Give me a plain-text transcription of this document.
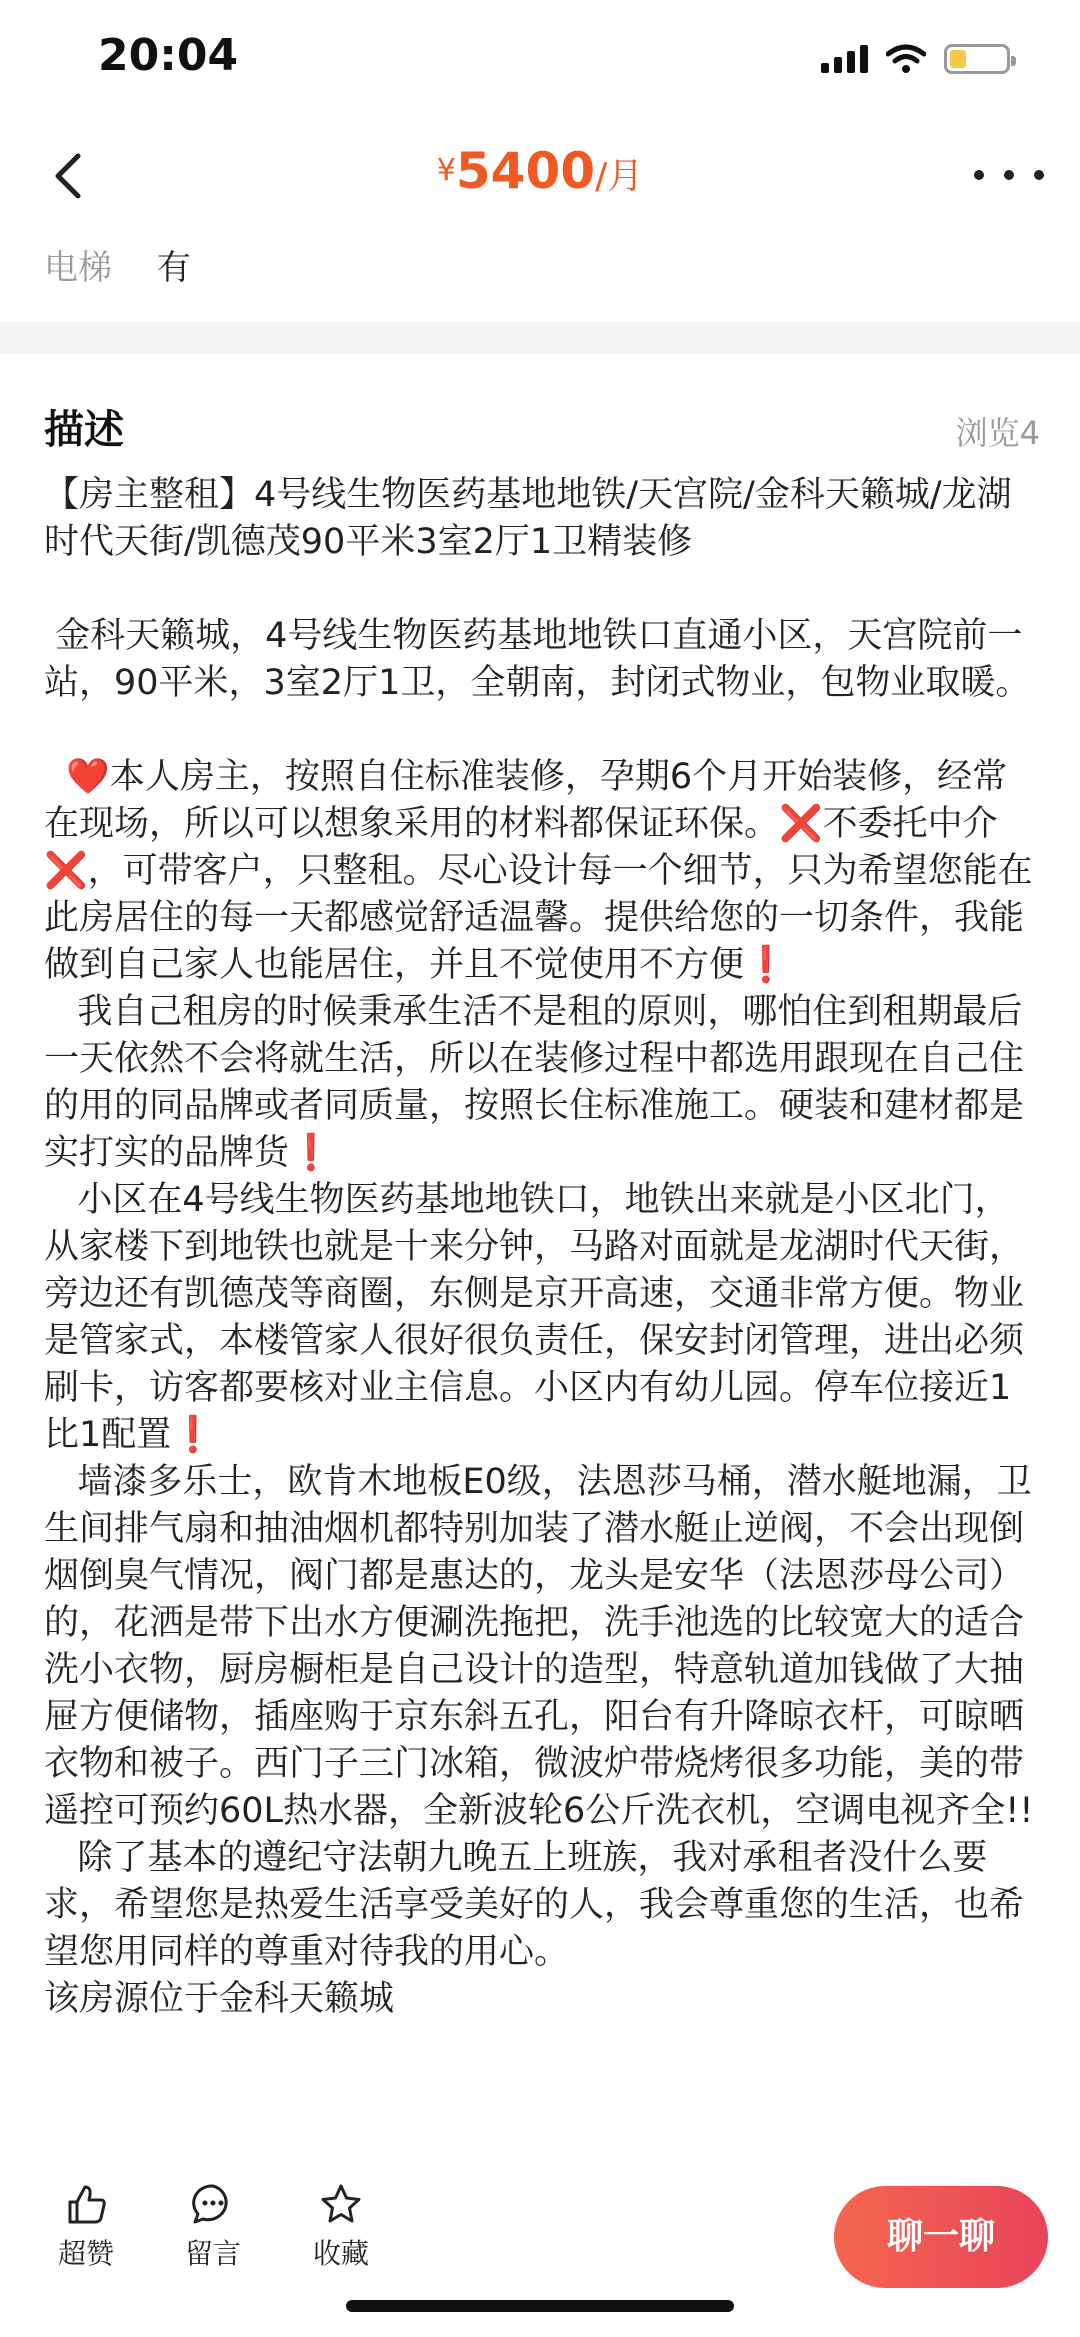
20:04
¥5400/月
电梯 有
描述	浏览4

【房主整租】4号线生物医药基地地铁/天宫院/金科天籁城/龙湖 时代天街/凯德茂90平米3室2厅1卫精装修

金科天籁城，4号线生物医药基地地铁口直通小区，天宫院前一站，90平米，3室2厅1卫，全朝南，封闭式物业，包物业取暖。

❤️本人房主，按照自住标准装修，孕期6个月开始装修，经常在现场，所以可以想象采用的材料都保证环保。❌不委托中介❌，可带客户，只整租。尽心设计每一个细节，只为希望您能在此房居住的每一天都感觉舒适温馨。提供给您的一切条件，我能做到自己家人也能居住，并且不觉使用不方便❗️

我自己租房的时候秉承生活不是租的原则，哪怕住到租期最后一天依然不会将就生活，所以在装修过程中都选用跟现在自己住的用的同品牌或者同质量，按照长住标准施工。硬装和建材都是实打实的品牌货❗️

小区在4号线生物医药基地地铁口，地铁出来就是小区北门，从家楼下到地铁也就是十来分钟，马路对面就是龙湖时代天街，旁边还有凯德茂等商圈，东侧是京开高速，交通非常方便。物业是管家式，本楼管家人很好很负责任，保安封闭管理，进出必须刷卡，访客都要核对业主信息。小区内有幼儿园。停车位接近1比1配置❗️

墙漆多乐士，欧肯木地板E0级，法恩莎马桶，潜水艇地漏，卫生间排气扇和抽油烟机都特别加装了潜水艇止逆阀，不会出现倒烟倒臭气情况，阀门都是惠达的，龙头是安华（法恩莎母公司）的，花洒是带下出水方便涮洗拖把，洗手池选的比较宽大的适合洗小衣物，厨房橱柜是自己设计的造型，特意轨道加钱做了大抽屉方便储物，插座购于京东斜五孔，阳台有升降晾衣杆，可晾晒衣物和被子。西门子三门冰箱，微波炉带烧烤很多功能，美的带遥控可预约60L热水器，全新波轮6公斤洗衣机，空调电视齐全!!

除了基本的遵纪守法朝九晚五上班族，我对承租者没什么要求，希望您是热爱生活享受美好的人，我会尊重您的生活，也希望您用同样的尊重对待我的用心。

该房源位于金科天籁城

超赞	留言	收藏	聊一聊
